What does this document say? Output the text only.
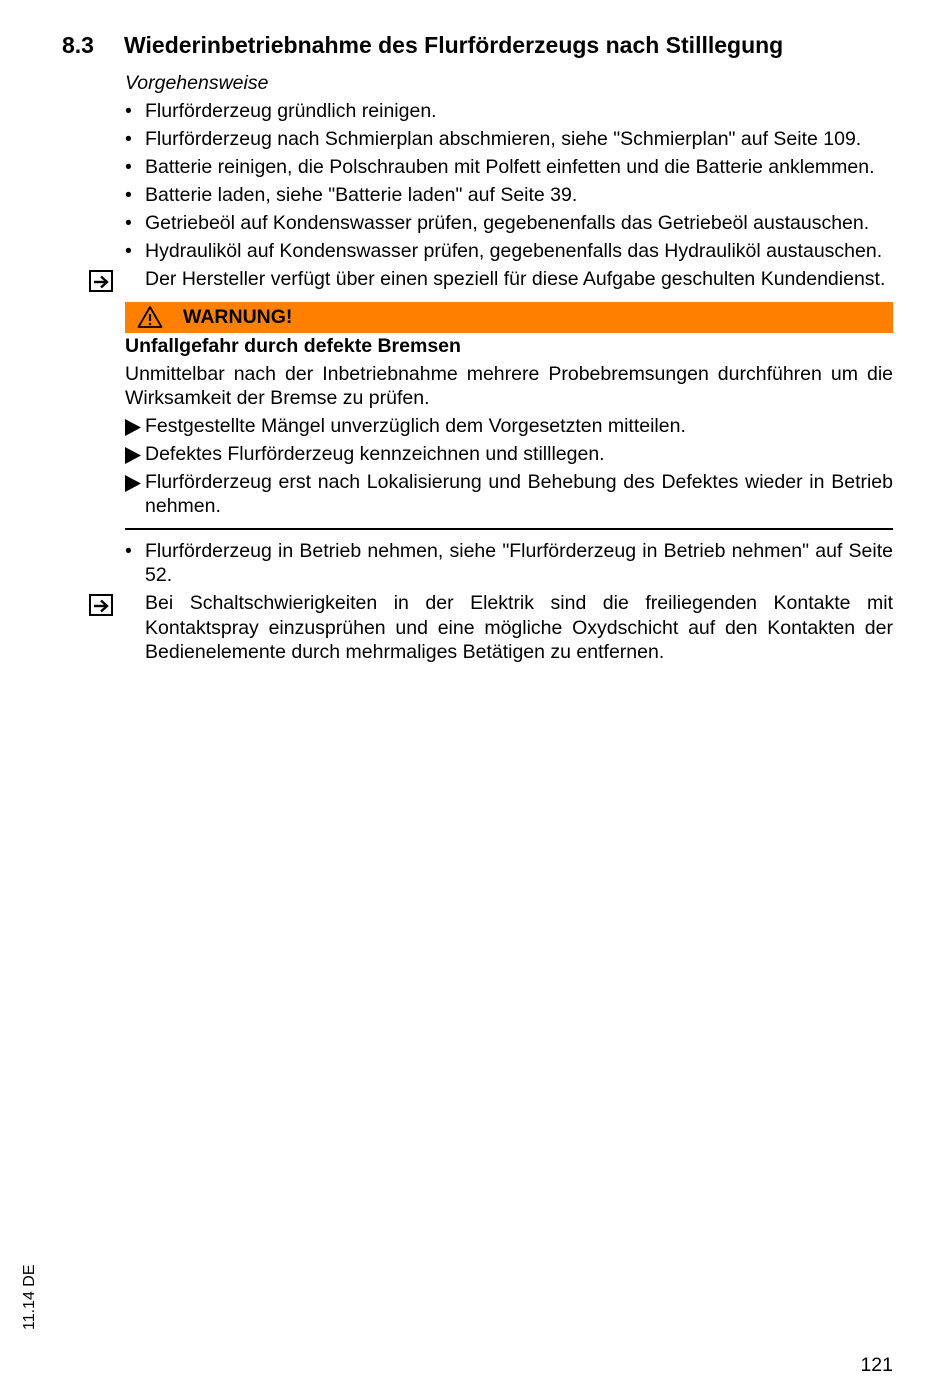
8.3 Wiederinbetriebnahme des Flurförderzeugs nach Stilllegung
Vorgehensweise
• Flurförderzeug gründlich reinigen.
• Flurförderzeug nach Schmierplan abschmieren, siehe "Schmierplan" auf Seite 109.
• Batterie reinigen, die Polschrauben mit Polfett einfetten und die Batterie anklemmen.
• Batterie laden, siehe "Batterie laden" auf Seite 39.
• Getriebeöl auf Kondenswasser prüfen, gegebenenfalls das Getriebeöl austauschen.
• Hydrauliköl auf Kondenswasser prüfen, gegebenenfalls das Hydrauliköl austauschen.
Der Hersteller verfügt über einen speziell für diese Aufgabe geschulten Kundendienst.
WARNUNG!
Unfallgefahr durch defekte Bremsen
Unmittelbar nach der Inbetriebnahme mehrere Probebremsungen durchführen um die Wirksamkeit der Bremse zu prüfen.
Festgestellte Mängel unverzüglich dem Vorgesetzten mitteilen.
Defektes Flurförderzeug kennzeichnen und stilllegen.
Flurförderzeug erst nach Lokalisierung und Behebung des Defektes wieder in Betrieb nehmen.
• Flurförderzeug in Betrieb nehmen, siehe "Flurförderzeug in Betrieb nehmen" auf Seite 52.
Bei Schaltschwierigkeiten in der Elektrik sind die freiliegenden Kontakte mit Kontaktspray einzusprühen und eine mögliche Oxydschicht auf den Kontakten der Bedienelemente durch mehrmaliges Betätigen zu entfernen.
11.14 DE
121
